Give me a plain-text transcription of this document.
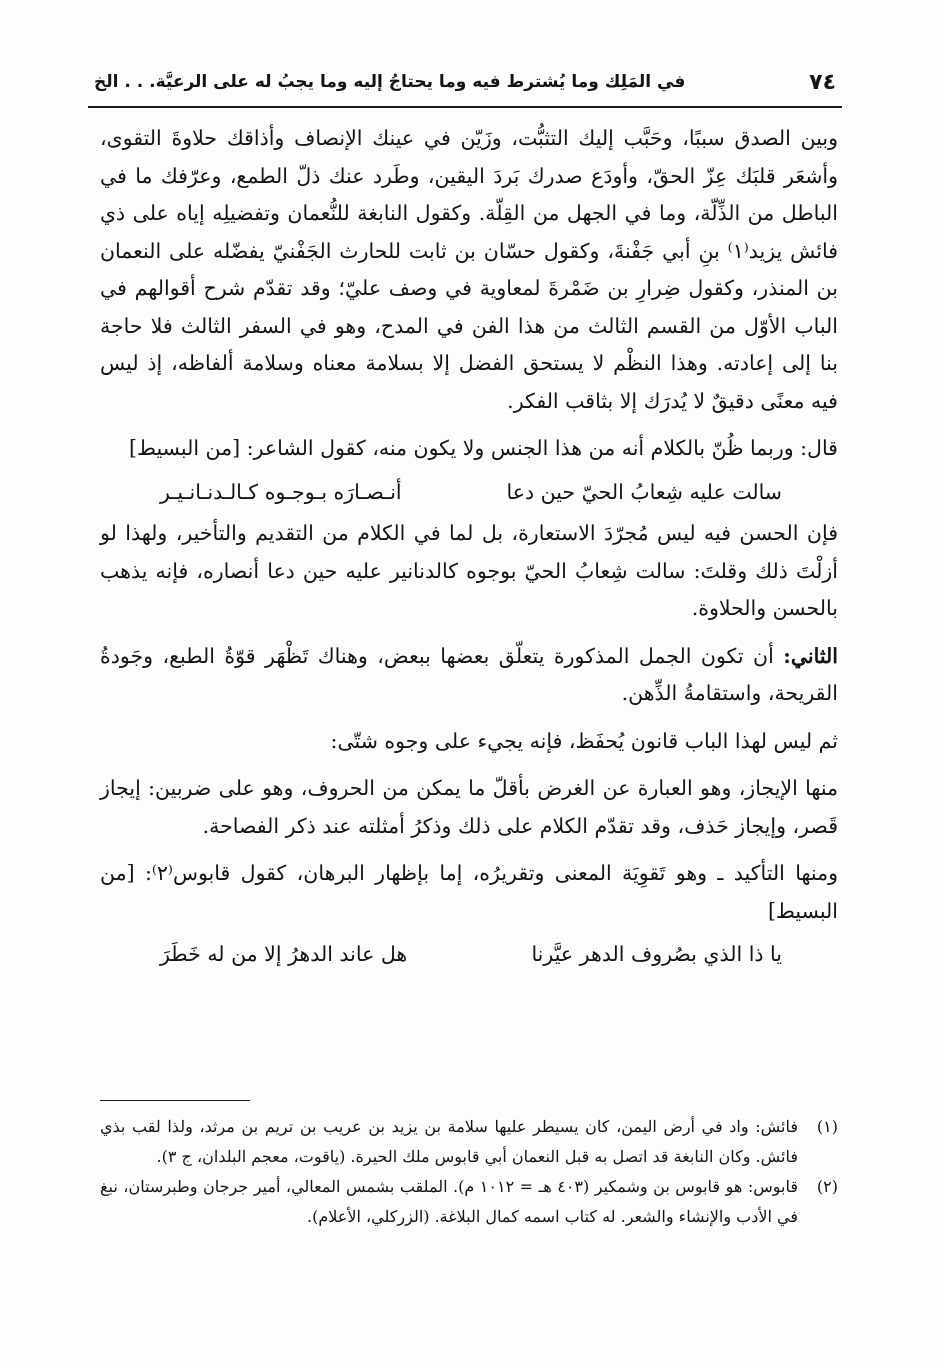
٧٤
في المَلِك وما يُشترط فيه وما يحتاجُ إليه وما يجبُ له على الرعيَّة. . . الخ

وبين الصدق سببًا، وحَبَّب إليك التثبُّت، وزَيّن في عينك الإنصاف وأذاقك حلاوةَ التقوى، وأشعَر قلبَك عِزّ الحقّ، وأودَع صدرك بَردَ اليقين، وطَرد عنك ذلّ الطمع، وعرّفك ما في الباطل من الذِّلّة، وما في الجهل من القِلّة. وكقول النابغة للنُّعمان وتفضيلِه إياه على ذي فائش يزيد⁽١⁾ بنِ أبي جَفْنةَ، وكقول حسّان بن ثابت للحارث الجَفْنيّ يفضّله على النعمان بن المنذر، وكقول ضِرارِ بن ضَمْرةَ لمعاوية في وصف عليّ؛ وقد تقدّم شرح أقوالهم في الباب الأوّل من القسم الثالث من هذا الفن في المدح، وهو في السفر الثالث فلا حاجة بنا إلى إعادته. وهذا النظْم لا يستحق الفضل إلا بسلامة معناه وسلامة ألفاظه، إذ ليس فيه معنًى دقيقٌ لا يُدرَك إلا بثاقب الفكر.

قال: وربما ظُنّ بالكلام أنه من هذا الجنس ولا يكون منه، كقول الشاعر: [من البسيط]

سالت عليه شِعابُ الحيّ حين دعا
أنـصـارَه بـوجـوه كـالـدنـانـيـر

فإن الحسن فيه ليس مُجرّدَ الاستعارة، بل لما في الكلام من التقديم والتأخير، ولهذا لو أزلْتَ ذلك وقلتَ: سالت شِعابُ الحيّ بوجوه كالدنانير عليه حين دعا أنصاره، فإنه يذهب بالحسن والحلاوة.

الثاني: أن تكون الجمل المذكورة يتعلّق بعضها ببعض، وهناك تَظْهَر قوّةُ الطبع، وجَودةُ القريحة، واستقامةُ الذِّهن.

ثم ليس لهذا الباب قانون يُحفَظ، فإنه يجيء على وجوه شتّى:

منها الإيجاز، وهو العبارة عن الغرض بأقلّ ما يمكن من الحروف، وهو على ضربين: إيجاز قَصر، وإيجاز حَذف، وقد تقدّم الكلام على ذلك وذكرُ أمثلته عند ذكر الفصاحة.

ومنها التأكيد ـ وهو تَقوِيَة المعنى وتقريرُه، إما بإظهار البرهان، كقول قابوس⁽٢⁾: [من البسيط]

يا ذا الذي بصُروف الدهر عيَّرنا
هل عاند الدهرُ إلا من له خَطَرَ
(١)
فائش: واد في أرض اليمن، كان يسيطر عليها سلامة بن يزيد بن عريب بن تريم بن مرثد، ولذا لقب بذي فائش. وكان النابغة قد اتصل به قبل النعمان أبي قابوس ملك الحيرة. (ياقوت، معجم البلدان، ج ٣).
(٢)
قابوس: هو قابوس بن وشمكير (٤٠٣ هـ = ١٠١٢ م). الملقب بشمس المعالي، أمير جرجان وطبرستان، نبغ في الأدب والإنشاء والشعر. له كتاب اسمه كمال البلاغة. (الزركلي، الأعلام).
